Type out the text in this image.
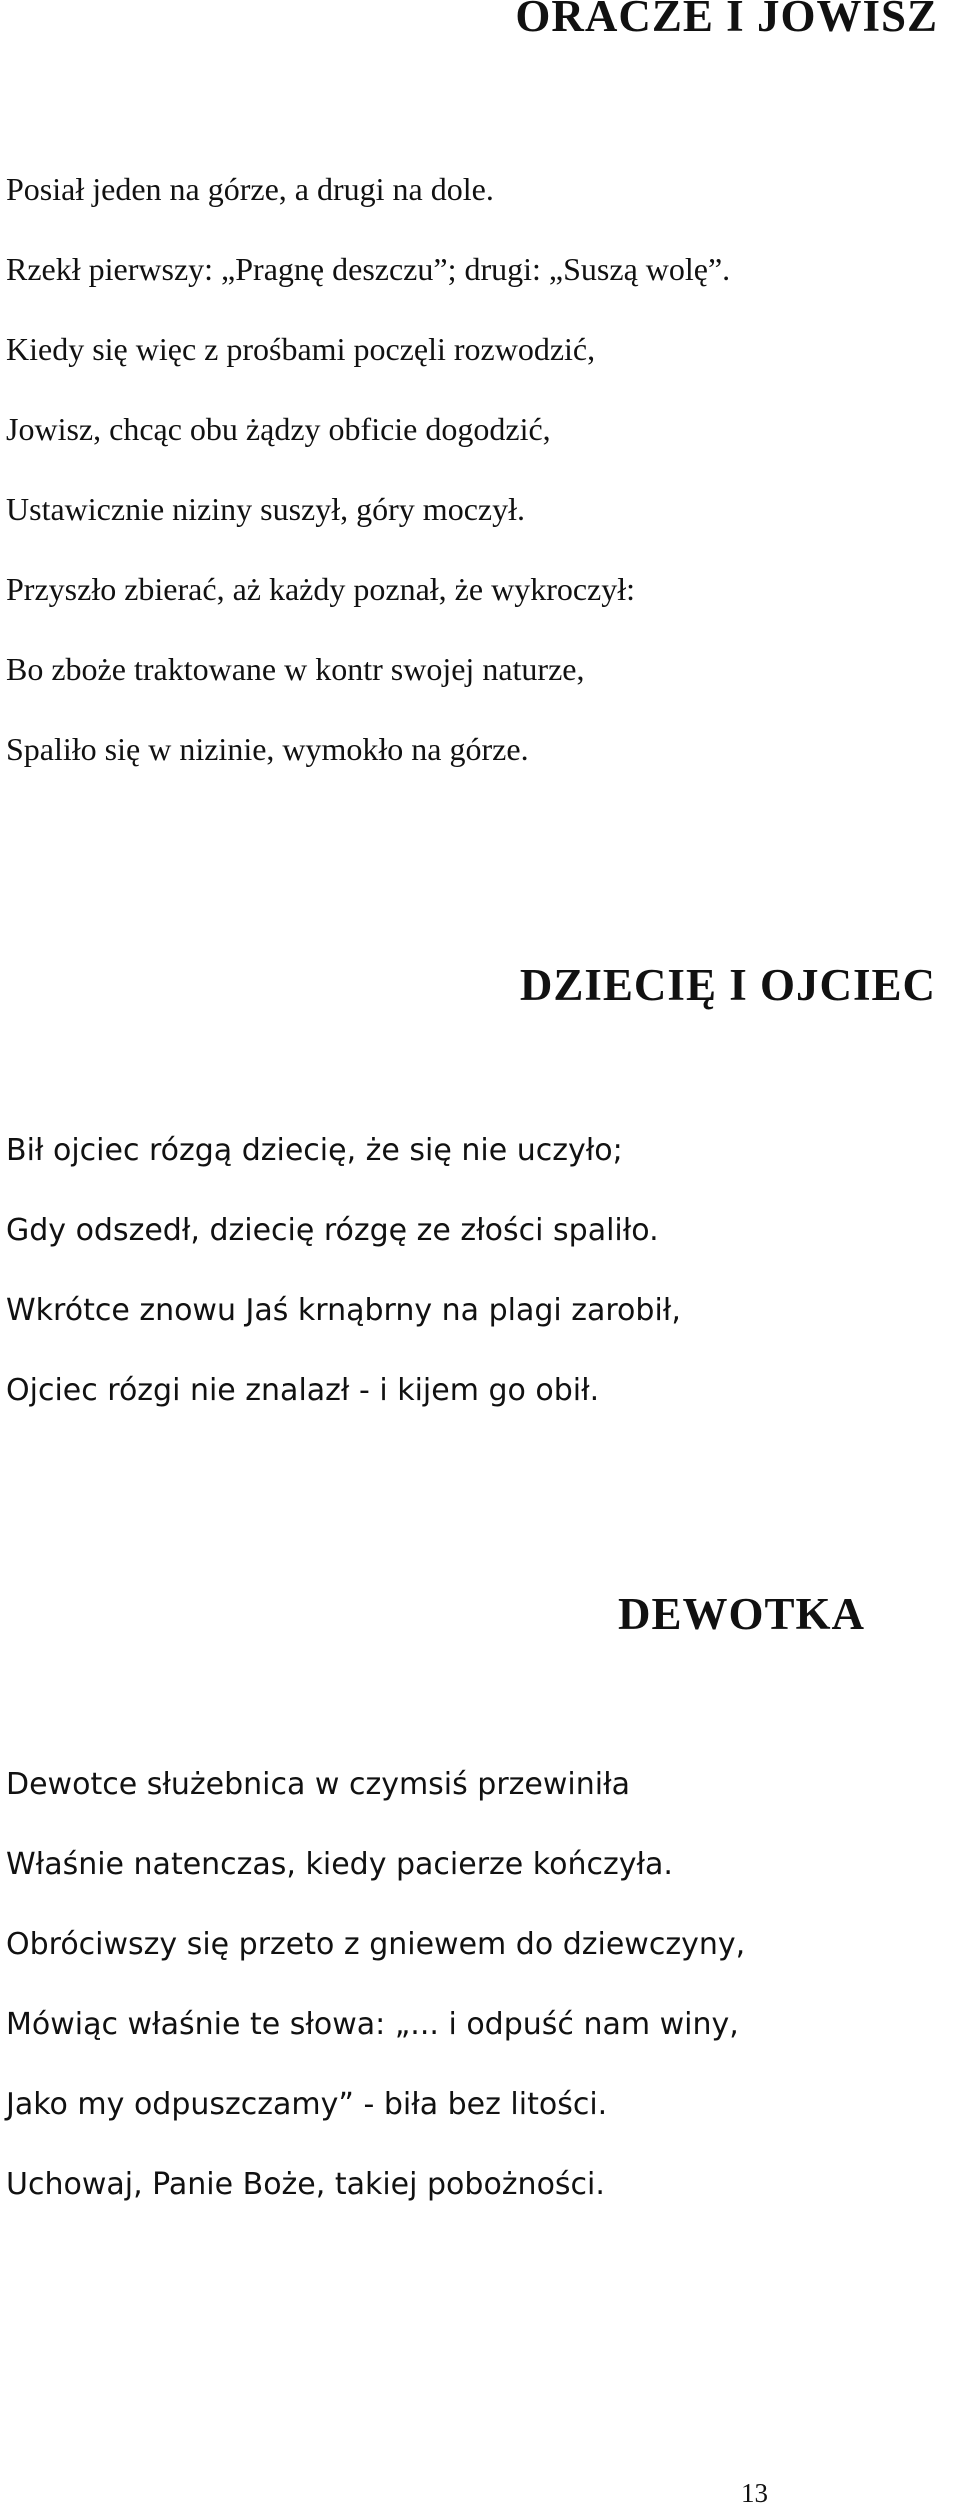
ORACZE I JOWISZ
Posiał jeden na górze, a drugi na dole.
Rzekł pierwszy: „Pragnę deszczu”; drugi: „Suszą wolę”.
Kiedy się więc z prośbami poczęli rozwodzić,
Jowisz, chcąc obu żądzy obficie dogodzić,
Ustawicznie niziny suszył, góry moczył.
Przyszło zbierać, aż każdy poznał, że wykroczył:
Bo zboże traktowane w kontr swojej naturze,
Spaliło się w nizinie, wymokło na górze.
DZIECIĘ I OJCIEC
Bił ojciec rózgą dziecię, że się nie uczyło;
Gdy odszedł, dziecię rózgę ze złości spaliło.
Wkrótce znowu Jaś krnąbrny na plagi zarobił,
Ojciec rózgi nie znalazł - i kijem go obił.
DEWOTKA
Dewotce służebnica w czymsiś przewiniła
Właśnie natenczas, kiedy pacierze kończyła.
Obróciwszy się przeto z gniewem do dziewczyny,
Mówiąc właśnie te słowa: „... i odpuść nam winy,
Jako my odpuszczamy” - biła bez litości.
Uchowaj, Panie Boże, takiej pobożności.
13
